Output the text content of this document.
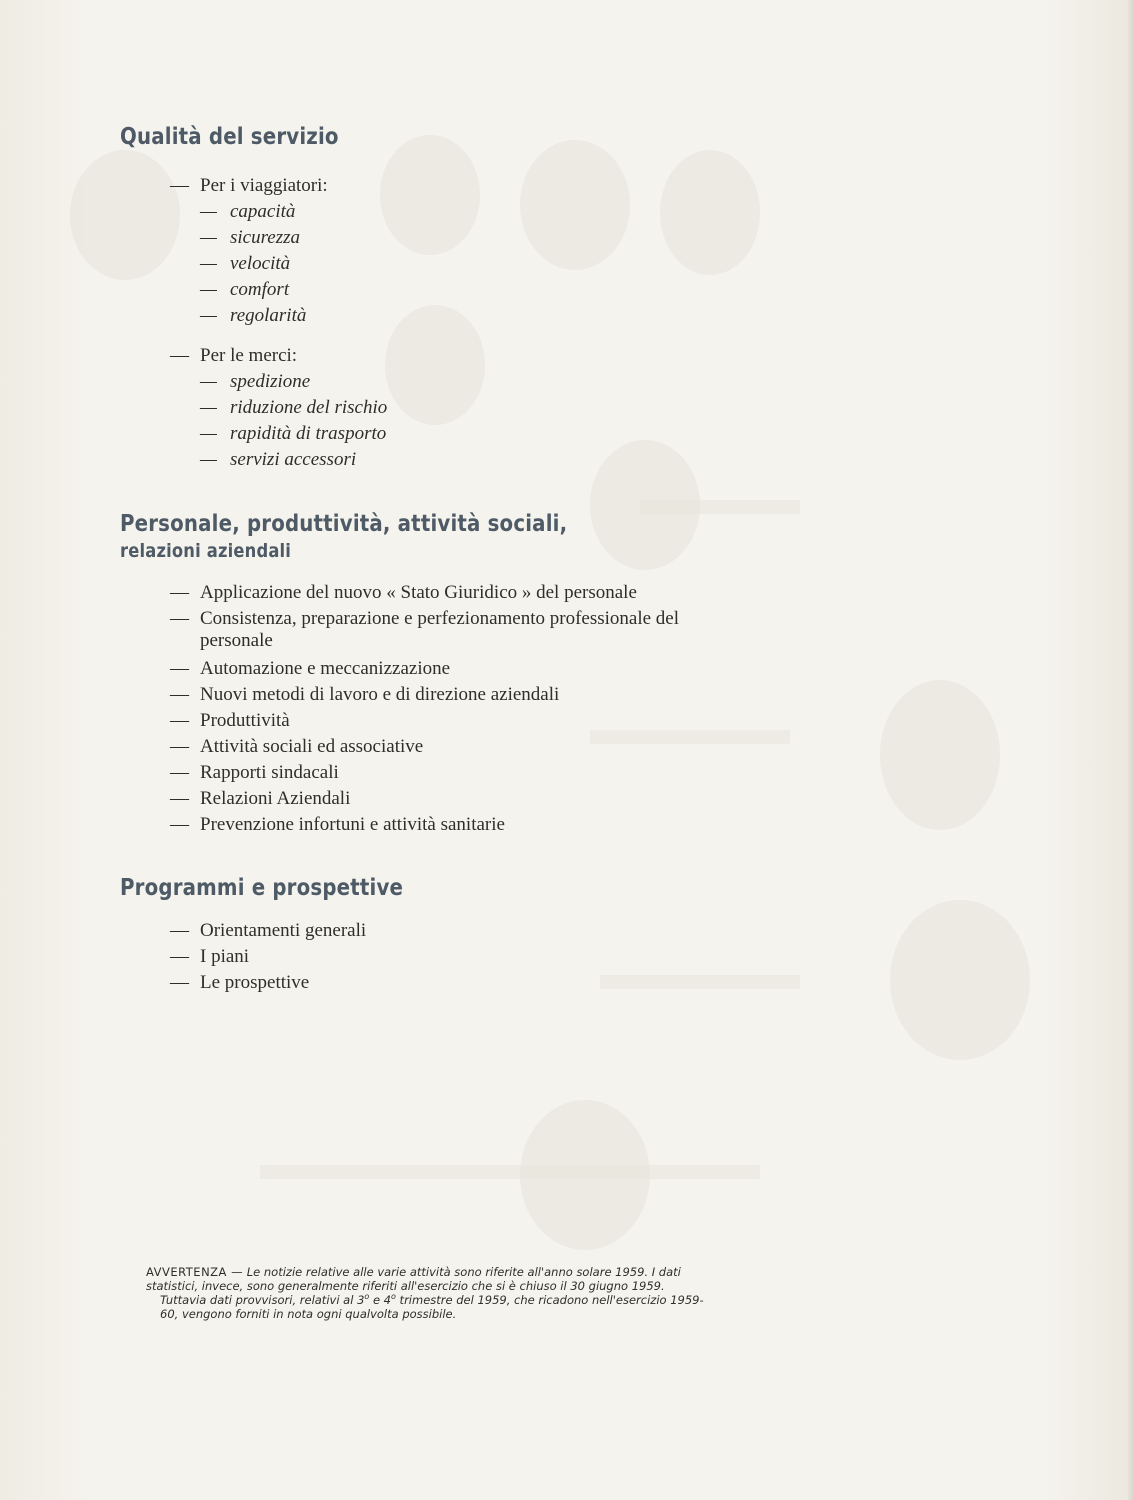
Qualità del servizio
— Per i viaggiatori:
— capacità
— sicurezza
— velocità
— comfort
— regolarità
— Per le merci:
— spedizione
— riduzione del rischio
— rapidità di trasporto
— servizi accessori
Personale, produttività, attività sociali,
relazioni aziendali
— Applicazione del nuovo « Stato Giuridico » del personale
— Consistenza, preparazione e perfezionamento professionale del
personale
— Automazione e meccanizzazione
— Nuovi metodi di lavoro e di direzione aziendali
— Produttività
— Attività sociali ed associative
— Rapporti sindacali
— Relazioni Aziendali
— Prevenzione infortuni e attività sanitarie
Programmi e prospettive
— Orientamenti generali
— I piani
— Le prospettive

AVVERTENZA — Le notizie relative alle varie attività sono riferite all'anno solare 1959. I dati statistici, invece, sono generalmente riferiti all'esercizio che si è chiuso il 30 giugno 1959.

Tuttavia dati provvisori, relativi al 3$^o$ e 4$^o$ trimestre del 1959, che ricadono nell'esercizio 1959-60, vengono forniti in nota ogni qualvolta possibile.
